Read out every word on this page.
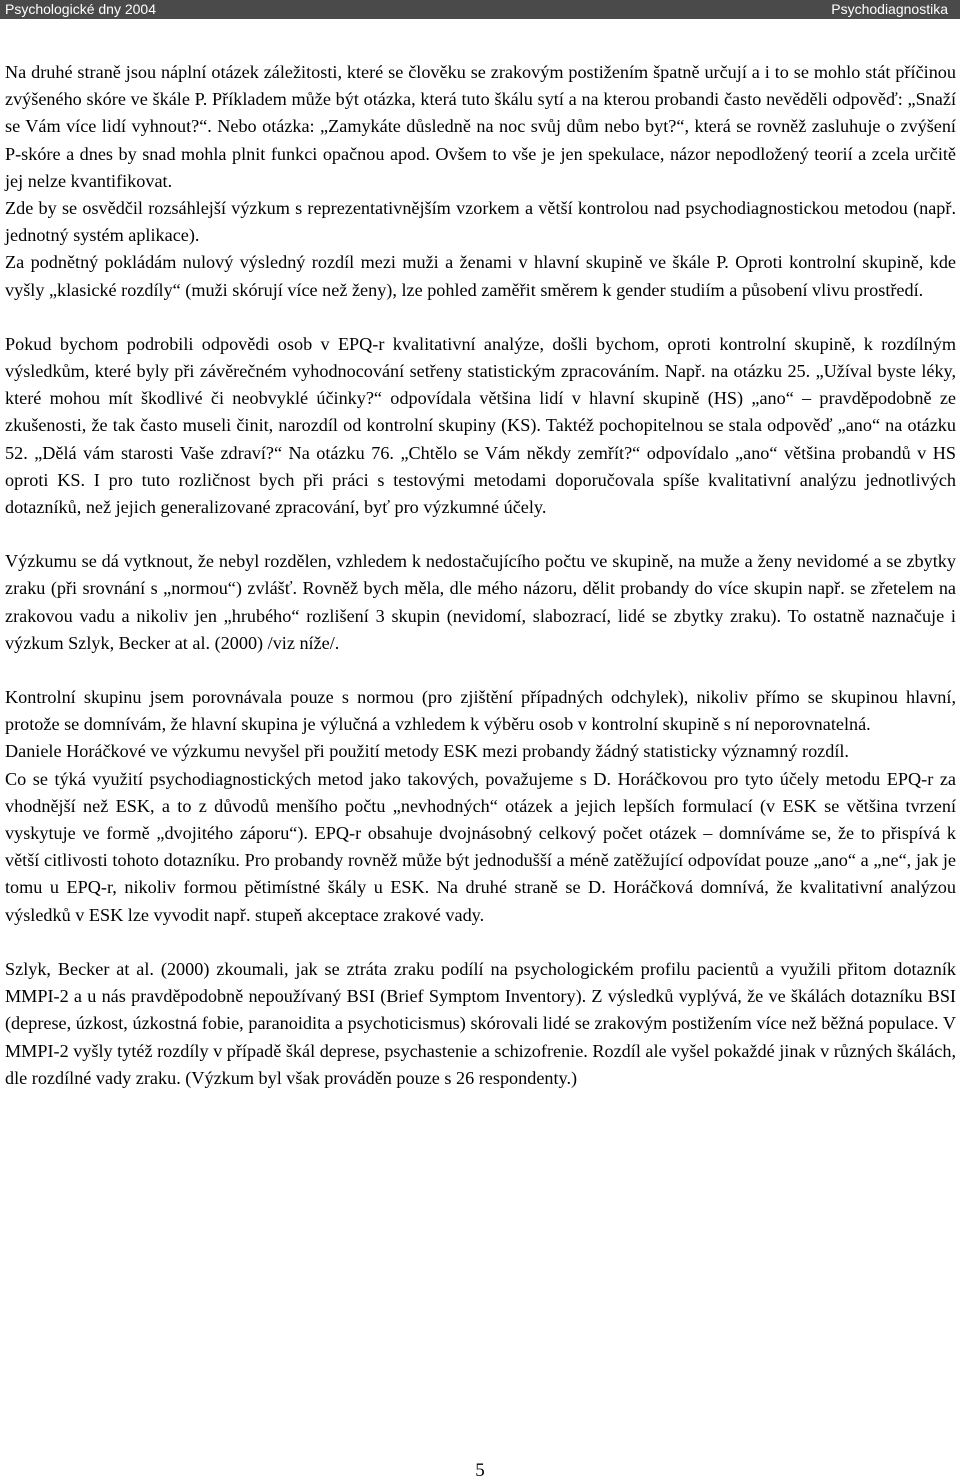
Psychologické dny 2004	Psychodiagnostika

Na druhé straně jsou náplní otázek záležitosti, které se člověku se zrakovým postižením špatně určují a i to se mohlo stát příčinou zvýšeného skóre ve škále P. Příkladem může být otázka, která tuto škálu sytí a na kterou probandi často nevěděli odpověď: „Snaží se Vám více lidí vyhnout?“. Nebo otázka: „Zamykáte důsledně na noc svůj dům nebo byt?“, která se rovněž zasluhuje o zvýšení P-skóre a dnes by snad mohla plnit funkci opačnou apod. Ovšem to vše je jen spekulace, názor nepodložený teorií a zcela určitě jej nelze kvantifikovat.

Zde by se osvědčil rozsáhlejší výzkum s reprezentativnějším vzorkem a větší kontrolou nad psychodiagnostickou metodou (např. jednotný systém aplikace).

Za podnětný pokládám nulový výsledný rozdíl mezi muži a ženami v hlavní skupině ve škále P. Oproti kontrolní skupině, kde vyšly „klasické rozdíly“ (muži skórují více než ženy), lze pohled zaměřit směrem k gender studiím a působení vlivu prostředí.

Pokud bychom podrobili odpovědi osob v EPQ-r kvalitativní analýze, došli bychom, oproti kontrolní skupině, k rozdílným výsledkům, které byly při závěrečném vyhodnocování setřeny statistickým zpracováním. Např. na otázku 25. „Užíval byste léky, které mohou mít škodlivé či neobvyklé účinky?“ odpovídala většina lidí v hlavní skupině (HS) „ano“ – pravděpodobně ze zkušenosti, že tak často museli činit, narozdíl od kontrolní skupiny (KS). Taktéž pochopitelnou se stala odpověď „ano“ na otázku 52. „Dělá vám starosti Vaše zdraví?“ Na otázku 76. „Chtělo se Vám někdy zemřít?“ odpovídalo „ano“ většina probandů v HS oproti KS. I pro tuto rozličnost bych při práci s testovými metodami doporučovala spíše kvalitativní analýzu jednotlivých dotazníků, než jejich generalizované zpracování, byť pro výzkumné účely.

Výzkumu se dá vytknout, že nebyl rozdělen, vzhledem k nedostačujícího počtu ve skupině, na muže a ženy nevidomé a se zbytky zraku (při srovnání s „normou“) zvlášť. Rovněž bych měla, dle mého názoru, dělit probandy do více skupin např. se zřetelem na zrakovou vadu a nikoliv jen „hrubého“ rozlišení 3 skupin (nevidomí, slabozrací, lidé se zbytky zraku). To ostatně naznačuje i výzkum Szlyk, Becker at al. (2000) /viz níže/.

Kontrolní skupinu jsem porovnávala pouze s normou (pro zjištění případných odchylek), nikoliv přímo se skupinou hlavní, protože se domnívám, že hlavní skupina je výlučná a vzhledem k výběru osob v kontrolní skupině s ní neporovnatelná.

Daniele Horáčkové ve výzkumu nevyšel při použití metody ESK mezi probandy žádný statisticky významný rozdíl.

Co se týká využití psychodiagnostických metod jako takových, považujeme s D. Horáčkovou pro tyto účely metodu EPQ-r za vhodnější než ESK, a to z důvodů menšího počtu „nevhodných“ otázek a jejich lepších formulací (v ESK se většina tvrzení vyskytuje ve formě „dvojitého záporu“). EPQ-r obsahuje dvojnásobný celkový počet otázek – domníváme se, že to přispívá k větší citlivosti tohoto dotazníku. Pro probandy rovněž může být jednodušší a méně zatěžující odpovídat pouze „ano“ a „ne“, jak je tomu u EPQ-r, nikoliv formou pětimístné škály u ESK. Na druhé straně se D. Horáčková domnívá, že kvalitativní analýzou výsledků v ESK lze vyvodit např. stupeň akceptace zrakové vady.

Szlyk, Becker at al. (2000) zkoumali, jak se ztráta zraku podílí na psychologickém profilu pacientů a využili přitom dotazník MMPI-2 a u nás pravděpodobně nepoužívaný BSI (Brief Symptom Inventory). Z výsledků vyplývá, že ve škálách dotazníku BSI (deprese, úzkost, úzkostná fobie, paranoidita a psychoticismus) skórovali lidé se zrakovým postižením více než běžná populace. V MMPI-2 vyšly tytéž rozdíly v případě škál deprese, psychastenie a schizofrenie. Rozdíl ale vyšel pokaždé jinak v různých škálách, dle rozdílné vady zraku. (Výzkum byl však prováděn pouze s 26 respondenty.)

5
